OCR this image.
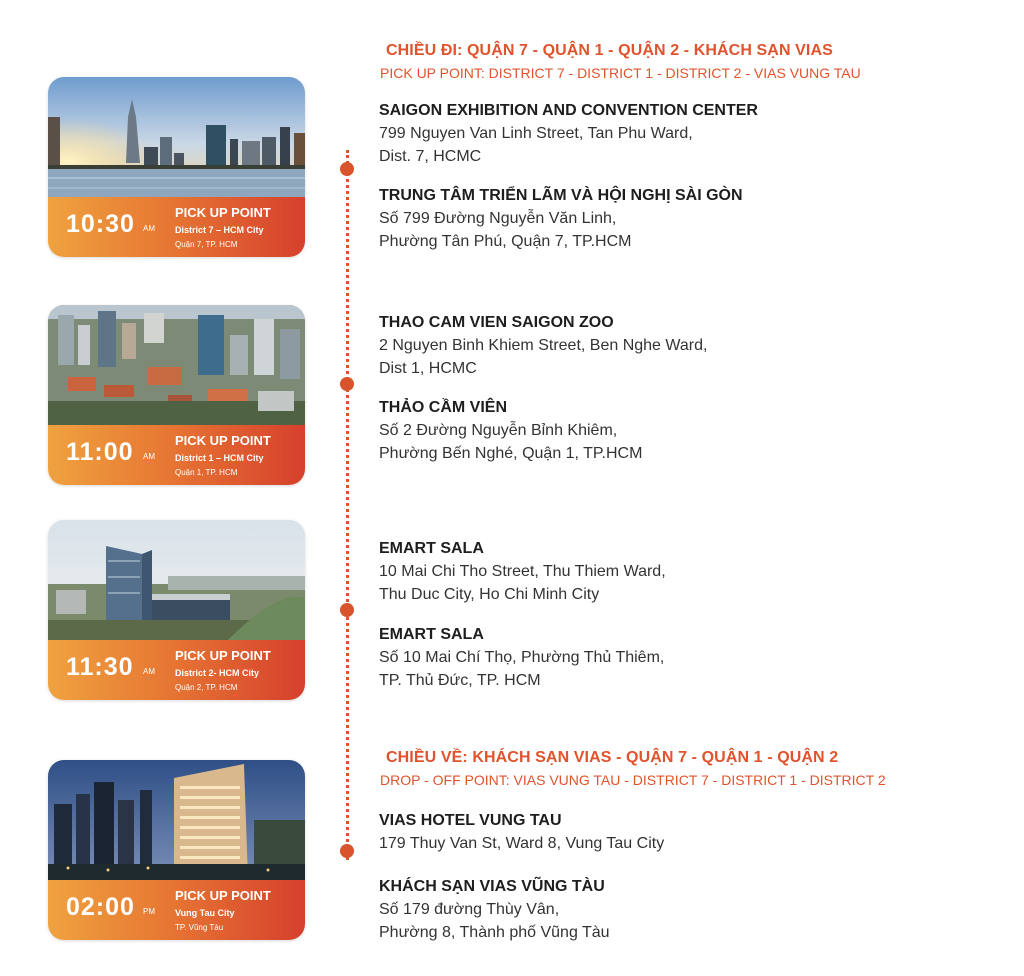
CHIỀU ĐI: QUẬN 7 - QUẬN 1 - QUẬN 2 - KHÁCH SẠN VIAS
PICK UP POINT: DISTRICT 7 - DISTRICT 1 - DISTRICT 2 - VIAS VUNG TAU
CHIỀU VỀ: KHÁCH SẠN VIAS - QUẬN 7 - QUẬN 1 - QUẬN 2
DROP - OFF POINT: VIAS VUNG TAU - DISTRICT 7 - DISTRICT 1 - DISTRICT 2
10:30 AM
PICK UP POINT
District 7 – HCM City
Quận 7, TP. HCM
11:00 AM
PICK UP POINT
District 1 – HCM City
Quận 1, TP. HCM
11:30 AM
PICK UP POINT
District 2- HCM City
Quận 2, TP. HCM
02:00 PM
PICK UP POINT
Vung Tau City
TP. Vũng Tàu
SAIGON EXHIBITION AND CONVENTION CENTER
799 Nguyen Van Linh Street, Tan Phu Ward,
Dist. 7, HCMC
TRUNG TÂM TRIỂN LÃM VÀ HỘI NGHỊ SÀI GÒN
Số 799 Đường Nguyễn Văn Linh,
Phường Tân Phú, Quận 7, TP.HCM
THAO CAM VIEN SAIGON ZOO
2 Nguyen Binh Khiem Street, Ben Nghe Ward,
Dist 1, HCMC
THẢO CẦM VIÊN
Số 2 Đường Nguyễn Bỉnh Khiêm,
Phường Bến Nghé, Quận 1, TP.HCM
EMART SALA
10 Mai Chi Tho Street, Thu Thiem Ward,
Thu Duc City, Ho Chi Minh City
EMART SALA
Số 10 Mai Chí Thọ, Phường Thủ Thiêm,
TP. Thủ Đức, TP. HCM
VIAS HOTEL VUNG TAU
179 Thuy Van St, Ward 8, Vung Tau City
KHÁCH SẠN VIAS VŨNG TÀU
Số 179 đường Thùy Vân,
Phường 8, Thành phố Vũng Tàu
